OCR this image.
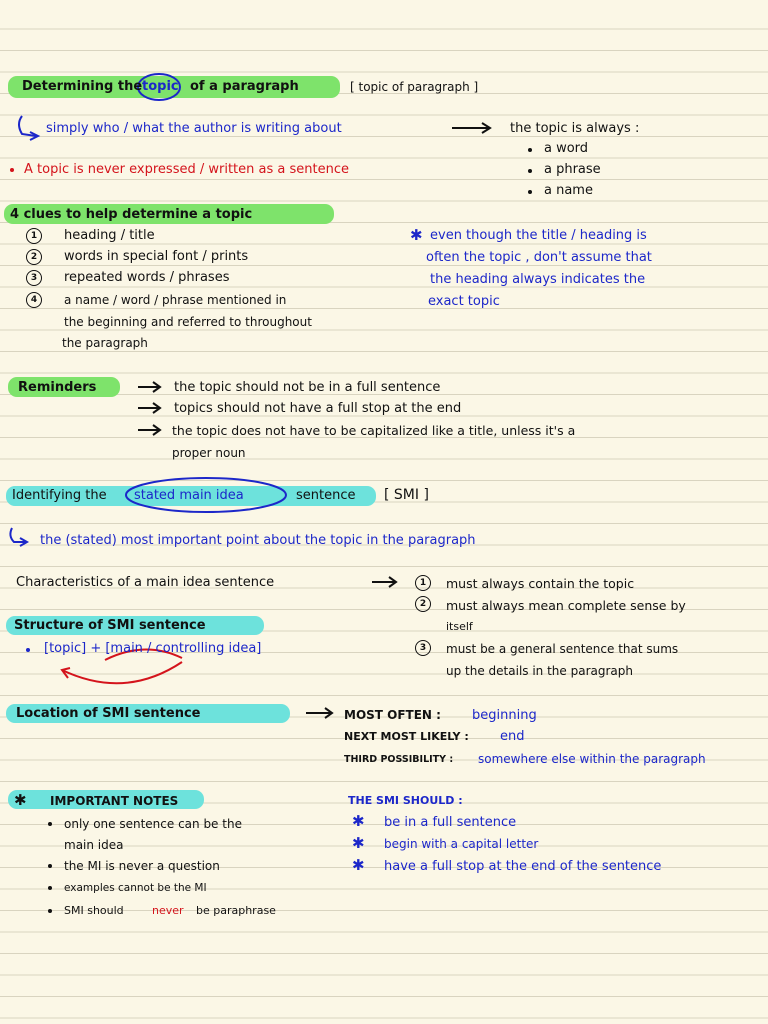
Determining the topic of a paragraph	[ topic of paragraph ]
simply who / what the author is writing about	the topic is always :
a word
a phrase
a name
A topic is never expressed / written as a sentence
4 clues to help determine a topic
1	heading / title
2	words in special font / prints
3	repeated words / phrases
4	a name / word / phrase mentioned in
the beginning and referred to throughout
the paragraph
✱ even though the title / heading is
often the topic , don't assume that
the heading always indicates the
exact topic
Reminders	the topic should not be in a full sentence
topics should not have a full stop at the end
the topic does not have to be capitalized like a title, unless it's a
proper noun
Identifying the stated main idea	sentence [ SMI ]
the (stated) most important point about the topic in the paragraph
Characteristics of a main idea sentence	1	must always contain the topic
2	must always mean complete sense by
itself
3	must be a general sentence that sums
up the details in the paragraph
Structure of SMI sentence
[topic] + [main / controlling idea]
Location of SMI sentence	MOST OFTEN : beginning
NEXT MOST LIKELY : end
THIRD POSSIBILITY : somewhere else within the paragraph
✱ IMPORTANT NOTES
only one sentence can be the
main idea
the MI is never a question
examples cannot be the MI
SMI should	never be paraphrase
THE SMI SHOULD :
✱ be in a full sentence
✱ begin with a capital letter
✱ have a full stop at the end of the sentence
